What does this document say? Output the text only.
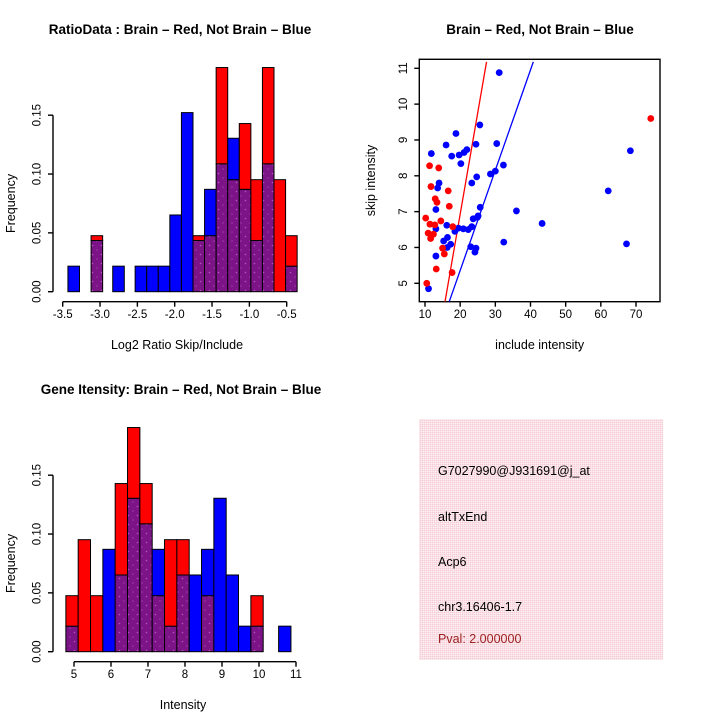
RatioData : Brain – Red, Not Brain – Blue
0.00
0.05
0.10
0.15
Frequency
-3.5 -3.0 -2.5 -2.0 -1.5 -1.0 -0.5
Log2 Ratio Skip/Include
Brain – Red, Not Brain – Blue
10 20 30 40 50 60 70
5
6
7
8
9
10
11
include intensity
skip intensity
Gene Itensity: Brain – Red, Not Brain – Blue
0.00
0.05
0.10
0.15
Frequency
5	6	7	8	9 10 11
Intensity
G7027990@J931691@j_at
altTxEnd
Acp6
chr3.16406-1.7
Pval: 2.000000
